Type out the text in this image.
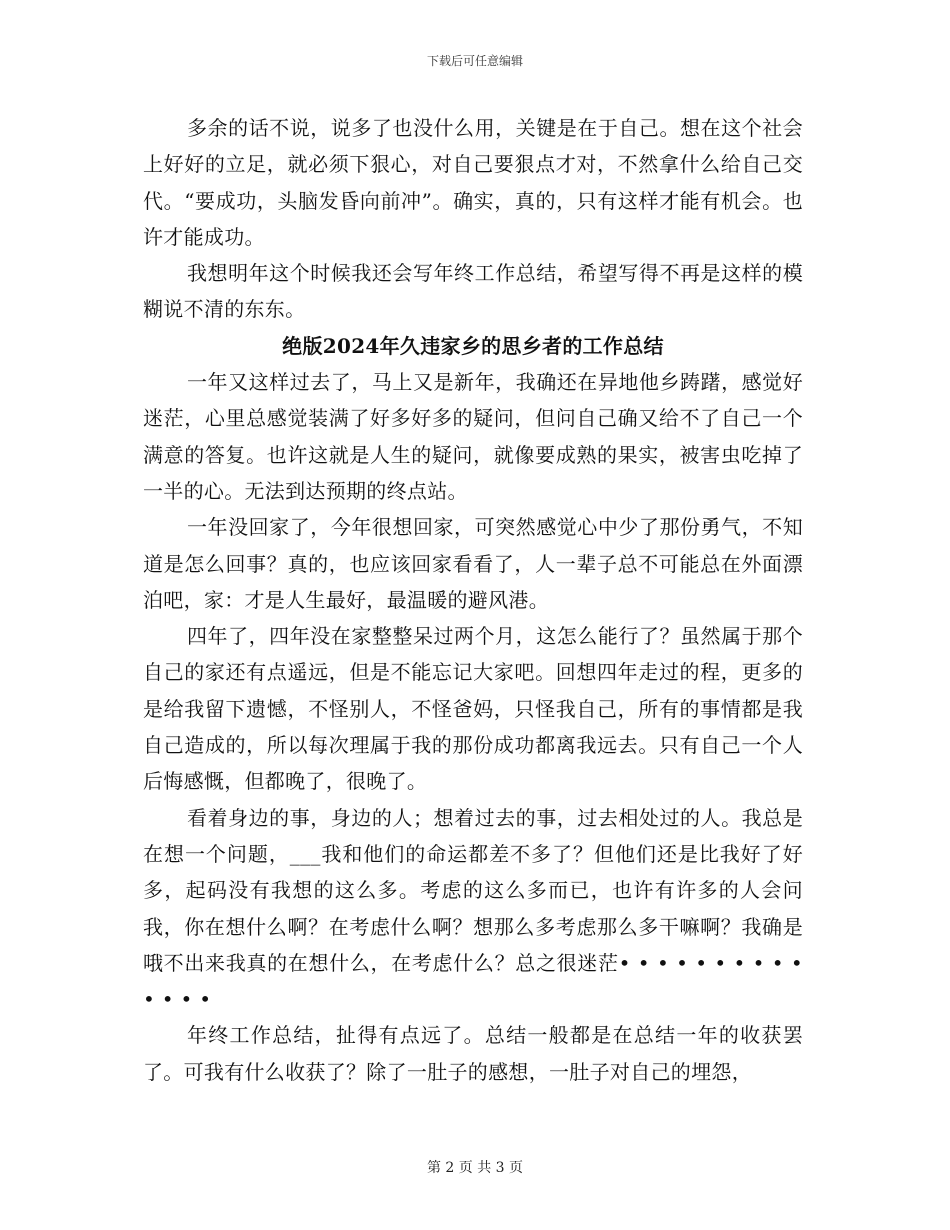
下载后可任意编辑

多余的话不说，说多了也没什么用，关键是在于自己。想在这个社会上好好的立足，就必须下狠心，对自己要狠点才对，不然拿什么给自己交代。“要成功，头脑发昏向前冲”。确实，真的，只有这样才能有机会。也许才能成功。

我想明年这个时候我还会写年终工作总结，希望写得不再是这样的模糊说不清的东东。

绝版2024年久违家乡的思乡者的工作总结

一年又这样过去了，马上又是新年，我确还在异地他乡踌躇，感觉好迷茫，心里总感觉装满了好多好多的疑问，但问自己确又给不了自己一个满意的答复。也许这就是人生的疑问，就像要成熟的果实，被害虫吃掉了一半的心。无法到达预期的终点站。

一年没回家了，今年很想回家，可突然感觉心中少了那份勇气，不知道是怎么回事？真的，也应该回家看看了，人一辈子总不可能总在外面漂泊吧，家：才是人生最好，最温暖的避风港。

四年了，四年没在家整整呆过两个月，这怎么能行了？虽然属于那个自己的家还有点遥远，但是不能忘记大家吧。回想四年走过的程，更多的是给我留下遗憾，不怪别人，不怪爸妈，只怪我自己，所有的事情都是我自己造成的，所以每次理属于我的那份成功都离我远去。只有自己一个人后悔感慨，但都晚了，很晚了。

看着身边的事，身边的人；想着过去的事，过去相处过的人。我总是在想一个问题，___我和他们的命运都差不多了？但他们还是比我好了好多，起码没有我想的这么多。考虑的这么多而已，也许有许多的人会问我，你在想什么啊？在考虑什么啊？想那么多考虑那么多干嘛啊？我确是哦不出来我真的在想什么，在考虑什么？总之很迷茫• • • • • • • • • • • • • •

年终工作总结，扯得有点远了。总结一般都是在总结一年的收获罢了。可我有什么收获了？除了一肚子的感想，一肚子对自己的埋怨，

第 2 页 共 3 页
